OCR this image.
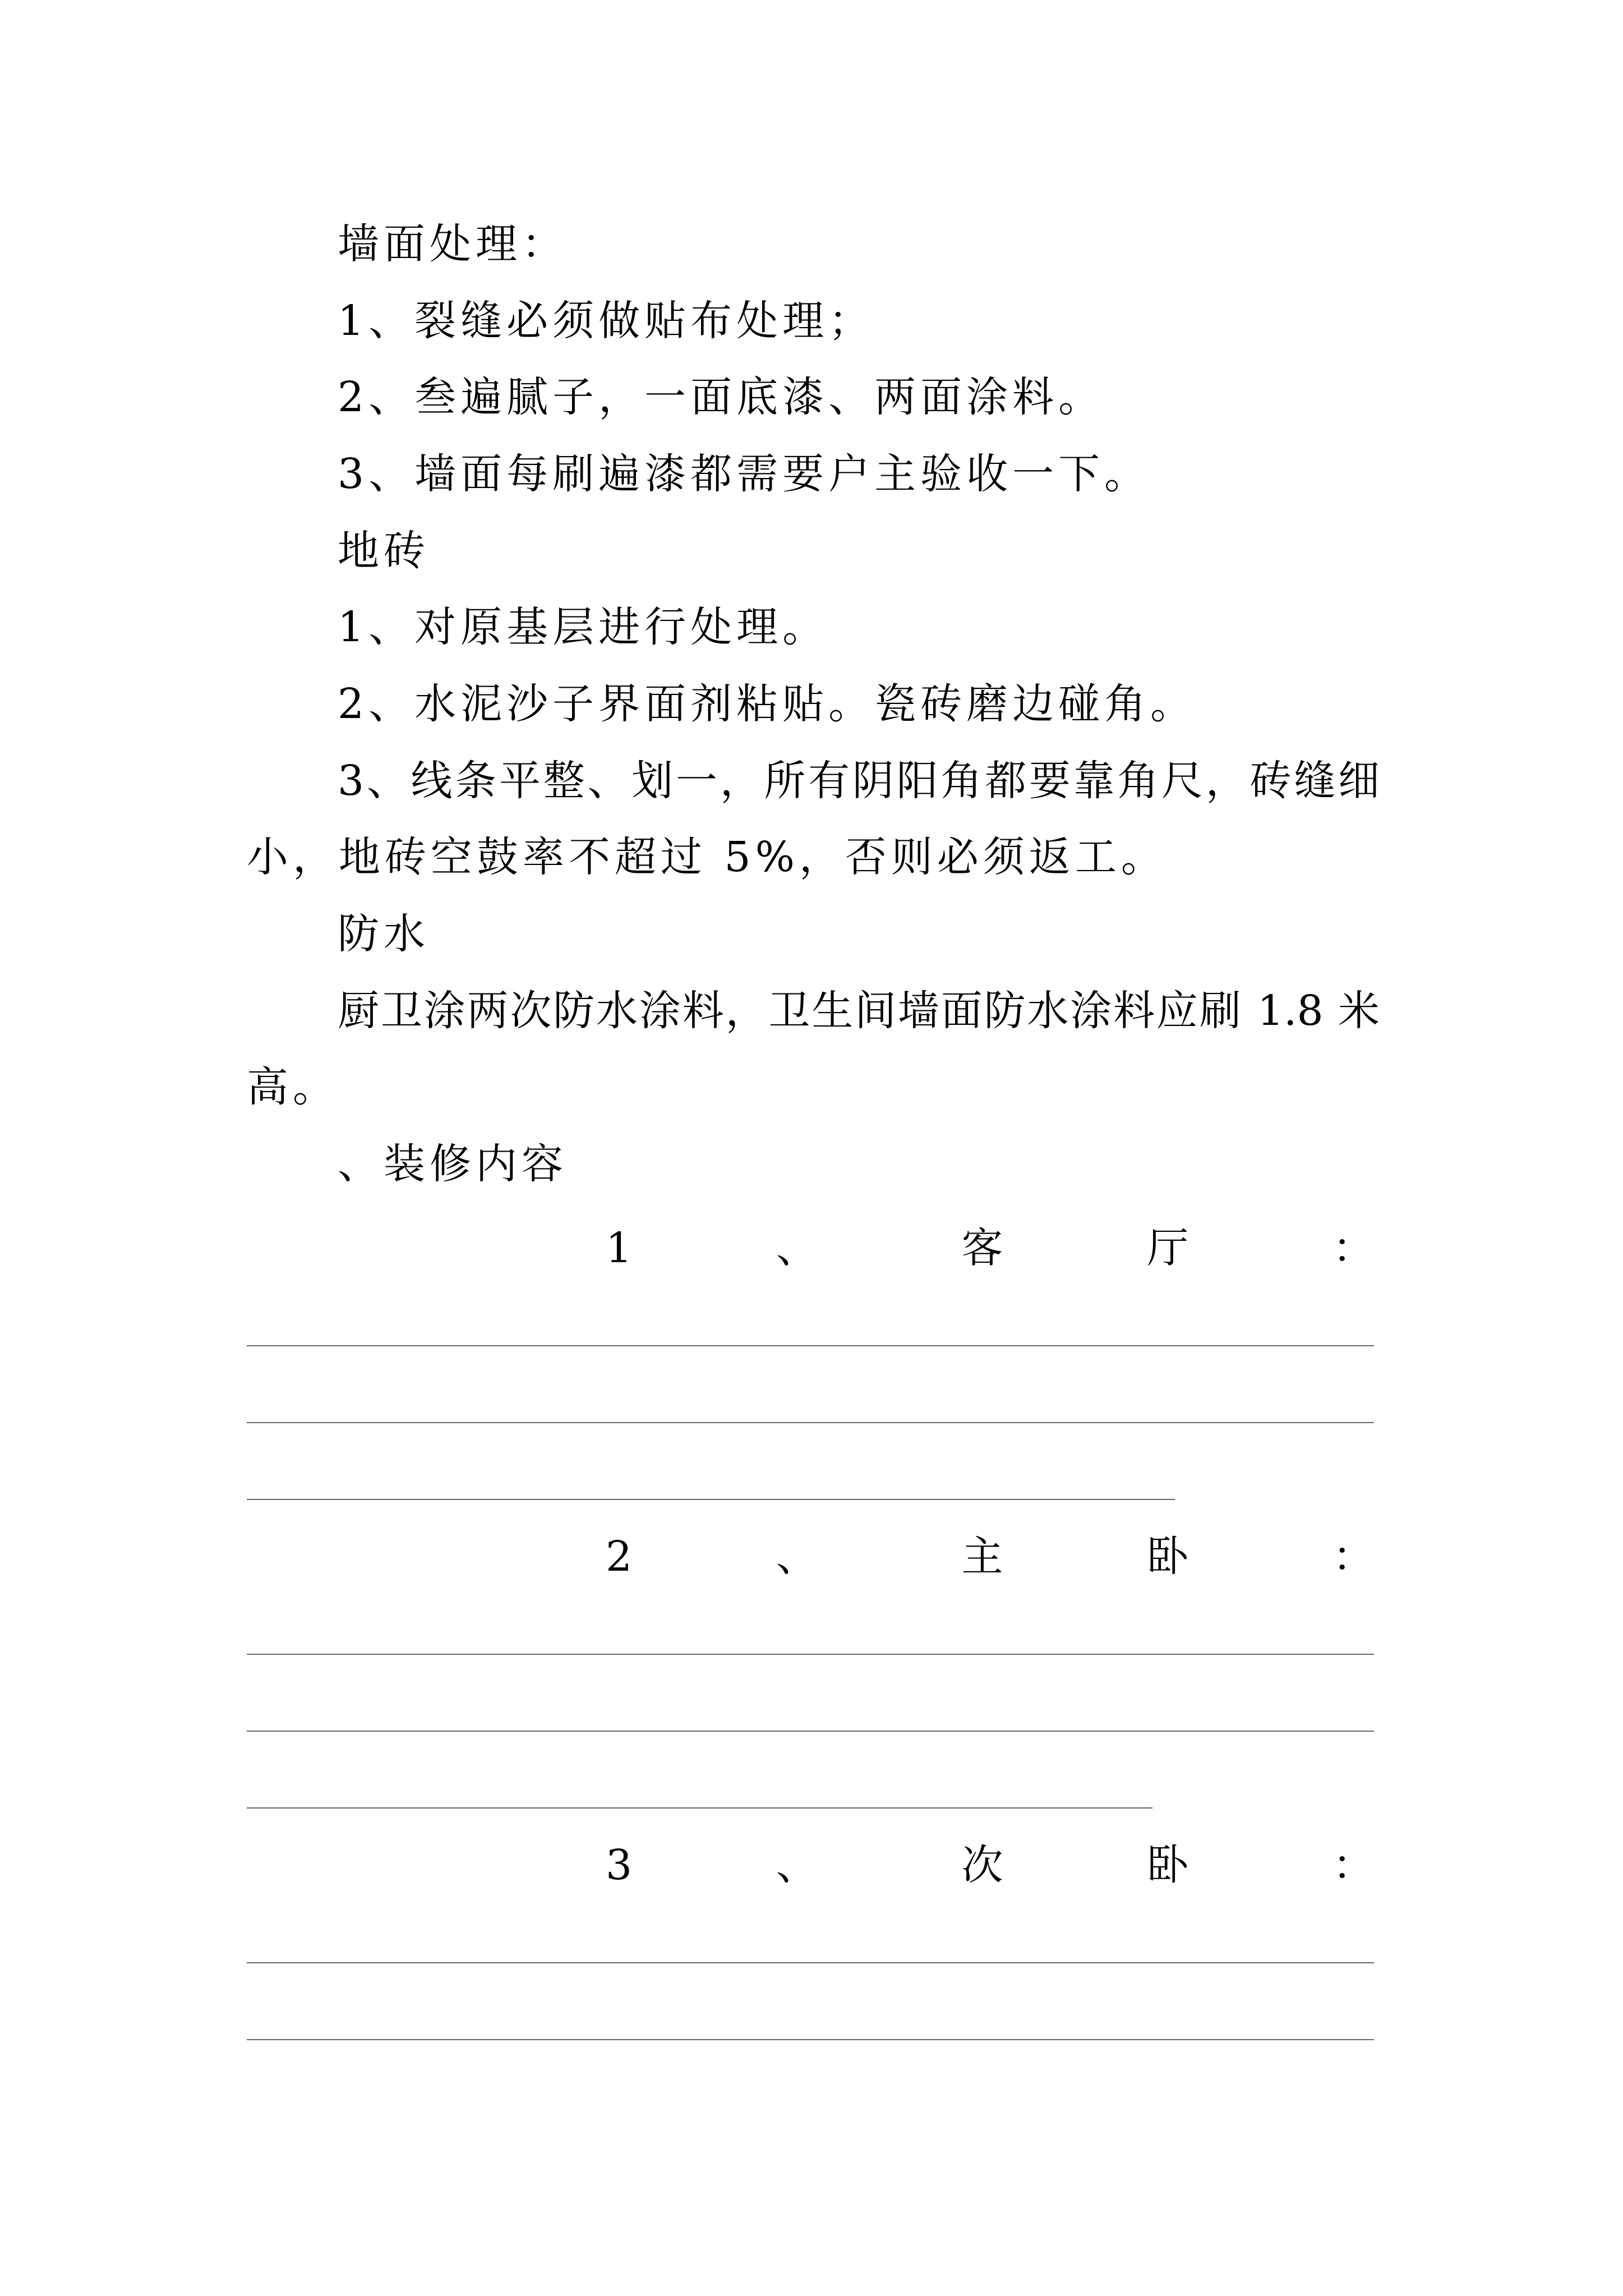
墙面处理：
1、裂缝必须做贴布处理；
2、叁遍腻子，一面底漆、两面涂料。
3、墙面每刷遍漆都需要户主验收一下。
地砖
1、对原基层进行处理。
2、水泥沙子界面剂粘贴。瓷砖磨边碰角。
3、线条平整、划一，所有阴阳角都要靠角尺，砖缝细
小，地砖空鼓率不超过 5%，否则必须返工。
防水
厨卫涂两次防水涂料，卫生间墙面防水涂料应刷 1.8 米
高。
、装修内容
1	、	客	厅	：
2	、	主	卧	：
3	、	次	卧	：
